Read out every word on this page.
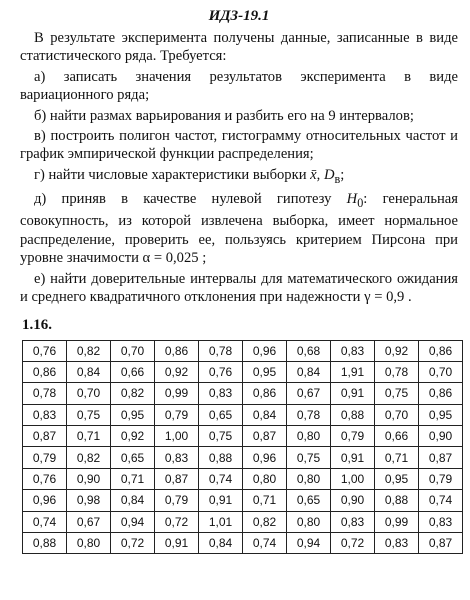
ИДЗ-19.1

В результате эксперимента получены данные, записанные в виде статистического ряда. Требуется:

а) записать значения результатов эксперимента в виде вариационного ряда;

б) найти размах варьирования и разбить его на 9 интервалов;

в) построить полигон частот, гистограмму относительных частот и график эмпирической функции распределения;

г) найти числовые характеристики выборки x̄, $D_в$;

д) приняв в качестве нулевой гипотезу $H_0$: генеральная совокупность, из которой извлечена выборка, имеет нормальное распределение, проверить ее, пользуясь критерием Пирсона при уровне значимости α = 0,025 ;

е) найти доверительные интервалы для математического ожидания и среднего квадратичного отклонения при надежности γ = 0,9 .

1.16.
0,76	0,82	0,70	0,86	0,78	0,96	0,68	0,83	0,92	0,86
0,86	0,84	0,66	0,92	0,76	0,95	0,84	1,91	0,78	0,70
0,78	0,70	0,82	0,99	0,83	0,86	0,67	0,91	0,75	0,86
0,83	0,75	0,95	0,79	0,65	0,84	0,78	0,88	0,70	0,95
0,87	0,71	0,92	1,00	0,75	0,87	0,80	0,79	0,66	0,90
0,79	0,82	0,65	0,83	0,88	0,96	0,75	0,91	0,71	0,87
0,76	0,90	0,71	0,87	0,74	0,80	0,80	1,00	0,95	0,79
0,96	0,98	0,84	0,79	0,91	0,71	0,65	0,90	0,88	0,74
0,74	0,67	0,94	0,72	1,01	0,82	0,80	0,83	0,99	0,83
0,88	0,80	0,72	0,91	0,84	0,74	0,94	0,72	0,83	0,87
